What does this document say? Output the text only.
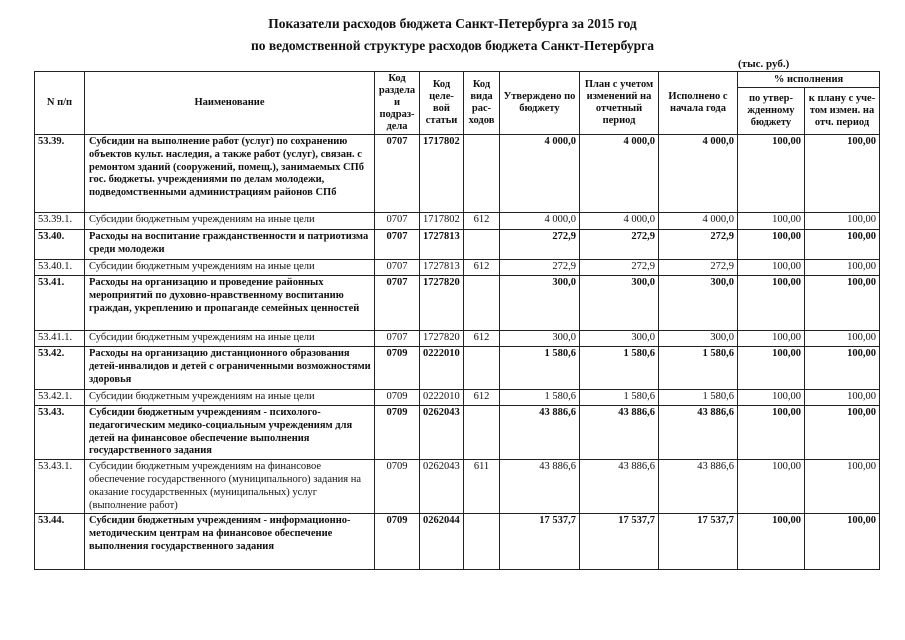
Показатели расходов бюджета Санкт-Петербурга за 2015 год
по ведомственной структуре расходов бюджета Санкт-Петербурга
(тыс. руб.)
N п/п	Наименование	Код раздела и подраз- дела	Код целе- вой статьи	Код вида рас- ходов	Утверждено по бюджету	План с учетом изменений на отчетный период	Исполнено с начала года	% исполнения	
								по утвер- жденному бюджету	к плану с уче- том измен. на отч. период
53.39.	Субсидии на выполнение работ (услуг) по сохранению объектов культ. наследия, а также работ (услуг), связан. с ремонтом зданий (сооружений, помещ.), занимаемых СПб гос. бюджеты. учреждениями по делам молодежи, подведомственными администрациям районов СПб	0707	1717802		4 000,0	4 000,0	4 000,0	100,00	100,00
53.39.1.	Субсидии бюджетным учреждениям на иные цели	0707	1717802	612	4 000,0	4 000,0	4 000,0	100,00	100,00
53.40.	Расходы на воспитание гражданственности и патриотизма среди молодежи	0707	1727813		272,9	272,9	272,9	100,00	100,00
53.40.1.	Субсидии бюджетным учреждениям на иные цели	0707	1727813	612	272,9	272,9	272,9	100,00	100,00
53.41.	Расходы на организацию и проведение районных мероприятий по духовно-нравственному воспитанию граждан, укреплению и пропаганде семейных ценностей	0707	1727820		300,0	300,0	300,0	100,00	100,00
53.41.1.	Субсидии бюджетным учреждениям на иные цели	0707	1727820	612	300,0	300,0	300,0	100,00	100,00
53.42.	Расходы на организацию дистанционного образования детей-инвалидов и детей с ограниченными возможностями здоровья	0709	0222010		1 580,6	1 580,6	1 580,6	100,00	100,00
53.42.1.	Субсидии бюджетным учреждениям на иные цели	0709	0222010	612	1 580,6	1 580,6	1 580,6	100,00	100,00
53.43.	Субсидии бюджетным учреждениям - психолого-педагогическим медико-социальным учреждениям для детей на финансовое обеспечение выполнения государственного задания	0709	0262043		43 886,6	43 886,6	43 886,6	100,00	100,00
53.43.1.	Субсидии бюджетным учреждениям на финансовое обеспечение государственного (муниципального) задания на оказание государственных (муниципальных) услуг (выполнение работ)	0709	0262043	611	43 886,6	43 886,6	43 886,6	100,00	100,00
53.44.	Субсидии бюджетным учреждениям - информационно-методическим центрам на финансовое обеспечение выполнения государственного задания	0709	0262044		17 537,7	17 537,7	17 537,7	100,00	100,00
